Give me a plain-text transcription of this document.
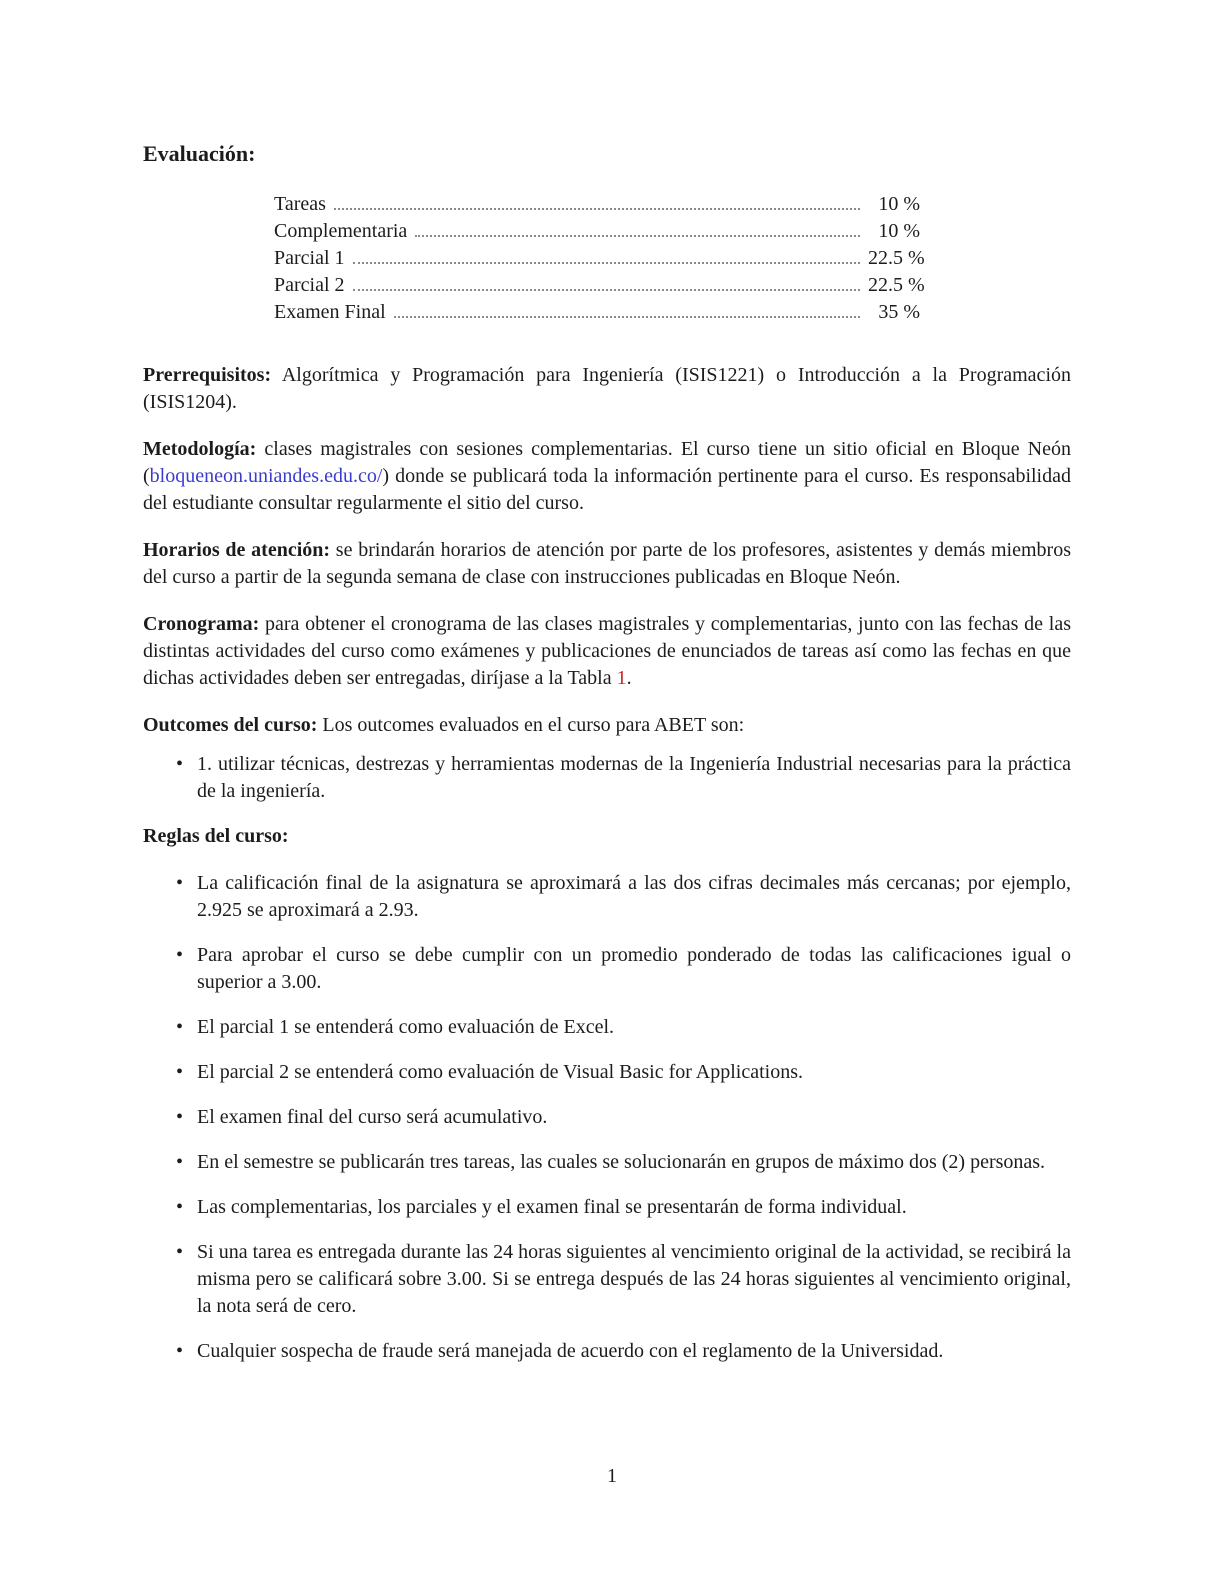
Evaluación:
Tareas	10 %
Complementaria	10 %
Parcial 1	22.5 %
Parcial 2	22.5 %
Examen Final	35 %

Prerrequisitos: Algorítmica y Programación para Ingeniería (ISIS1221) o Introducción a la Programación (ISIS1204).

Metodología: clases magistrales con sesiones complementarias. El curso tiene un sitio oficial en Bloque Neón (bloqueneon.uniandes.edu.co/) donde se publicará toda la información pertinente para el curso. Es responsabilidad del estudiante consultar regularmente el sitio del curso.

Horarios de atención: se brindarán horarios de atención por parte de los profesores, asistentes y demás miembros del curso a partir de la segunda semana de clase con instrucciones publicadas en Bloque Neón.

Cronograma: para obtener el cronograma de las clases magistrales y complementarias, junto con las fechas de las distintas actividades del curso como exámenes y publicaciones de enunciados de tareas así como las fechas en que dichas actividades deben ser entregadas, diríjase a la Tabla 1.

Outcomes del curso: Los outcomes evaluados en el curso para ABET son:

• 1. utilizar técnicas, destrezas y herramientas modernas de la Ingeniería Industrial necesarias para la práctica de la ingeniería.

Reglas del curso:

• La calificación final de la asignatura se aproximará a las dos cifras decimales más cercanas; por ejemplo, 2.925 se aproximará a 2.93.
• Para aprobar el curso se debe cumplir con un promedio ponderado de todas las calificaciones igual o superior a 3.00.
• El parcial 1 se entenderá como evaluación de Excel.
• El parcial 2 se entenderá como evaluación de Visual Basic for Applications.
• El examen final del curso será acumulativo.
• En el semestre se publicarán tres tareas, las cuales se solucionarán en grupos de máximo dos (2) personas.
• Las complementarias, los parciales y el examen final se presentarán de forma individual.
• Si una tarea es entregada durante las 24 horas siguientes al vencimiento original de la actividad, se recibirá la misma pero se calificará sobre 3.00. Si se entrega después de las 24 horas siguientes al vencimiento original, la nota será de cero.
• Cualquier sospecha de fraude será manejada de acuerdo con el reglamento de la Universidad.
1
